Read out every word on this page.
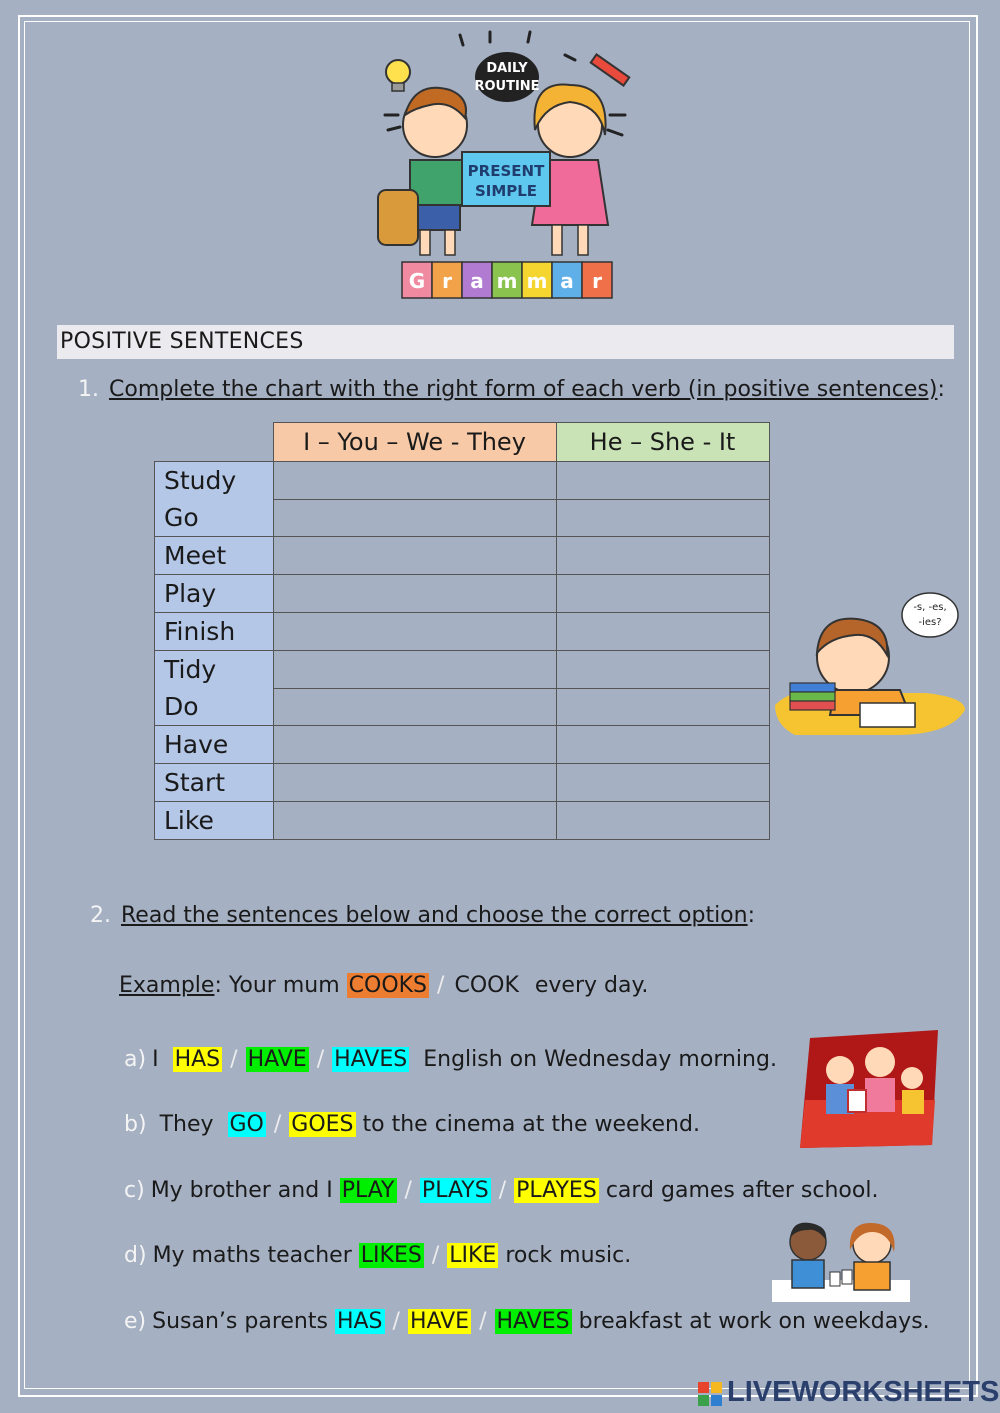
DAILY
ROUTINE
PRESENT
SIMPLE
G r a m m a r
POSITIVE SENTENCES
1. Complete the chart with the right form of each verb (in positive sentences):
	I – You – We - They	He – She - It
Study		
Go		
Meet		
Play		
Finish		
Tidy		
Do		
Have		
Start		
Like		
-s, -es,
-ies?
2. Read the sentences below and choose the correct option:
Example: Your mum COOKS / COOK every day.
a) I HAS / HAVE / HAVES English on Wednesday morning.
b) They GO / GOES to the cinema at the weekend.
c) My brother and I PLAY / PLAYS / PLAYES card games after school.
d) My maths teacher LIKES / LIKE rock music.
e) Susan’s parents HAS / HAVE / HAVES breakfast at work on weekdays.
LIVEWORKSHEETS
